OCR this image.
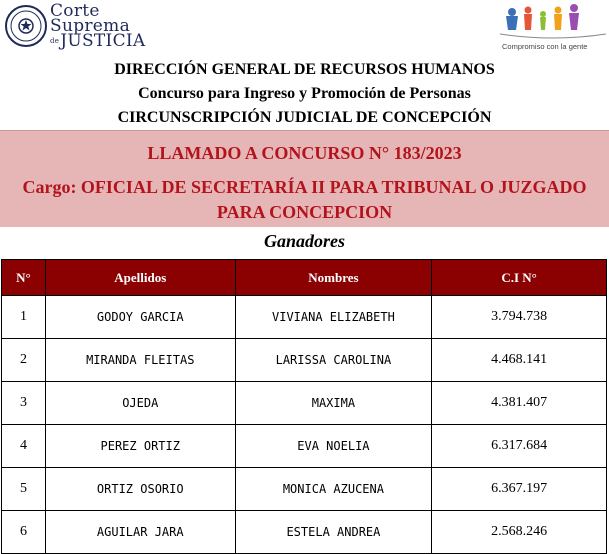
Corte
Suprema
deJUSTICIA	Compromiso con la gente
DIRECCIÓN GENERAL DE RECURSOS HUMANOS
Concurso para Ingreso y Promoción de Personas
CIRCUNSCRIPCIÓN JUDICIAL DE CONCEPCIÓN
LLAMADO A CONCURSO N° 183/2023
Cargo: OFICIAL DE SECRETARÍA II PARA TRIBUNAL O JUZGADO PARA CONCEPCION
Ganadores
N°	Apellidos	Nombres	C.I N°
1	GODOY GARCIA	VIVIANA ELIZABETH	3.794.738
2	MIRANDA FLEITAS	LARISSA CAROLINA	4.468.141
3	OJEDA	MAXIMA	4.381.407
4	PEREZ ORTIZ	EVA NOELIA	6.317.684
5	ORTIZ OSORIO	MONICA AZUCENA	6.367.197
6	AGUILAR JARA	ESTELA ANDREA	2.568.246
